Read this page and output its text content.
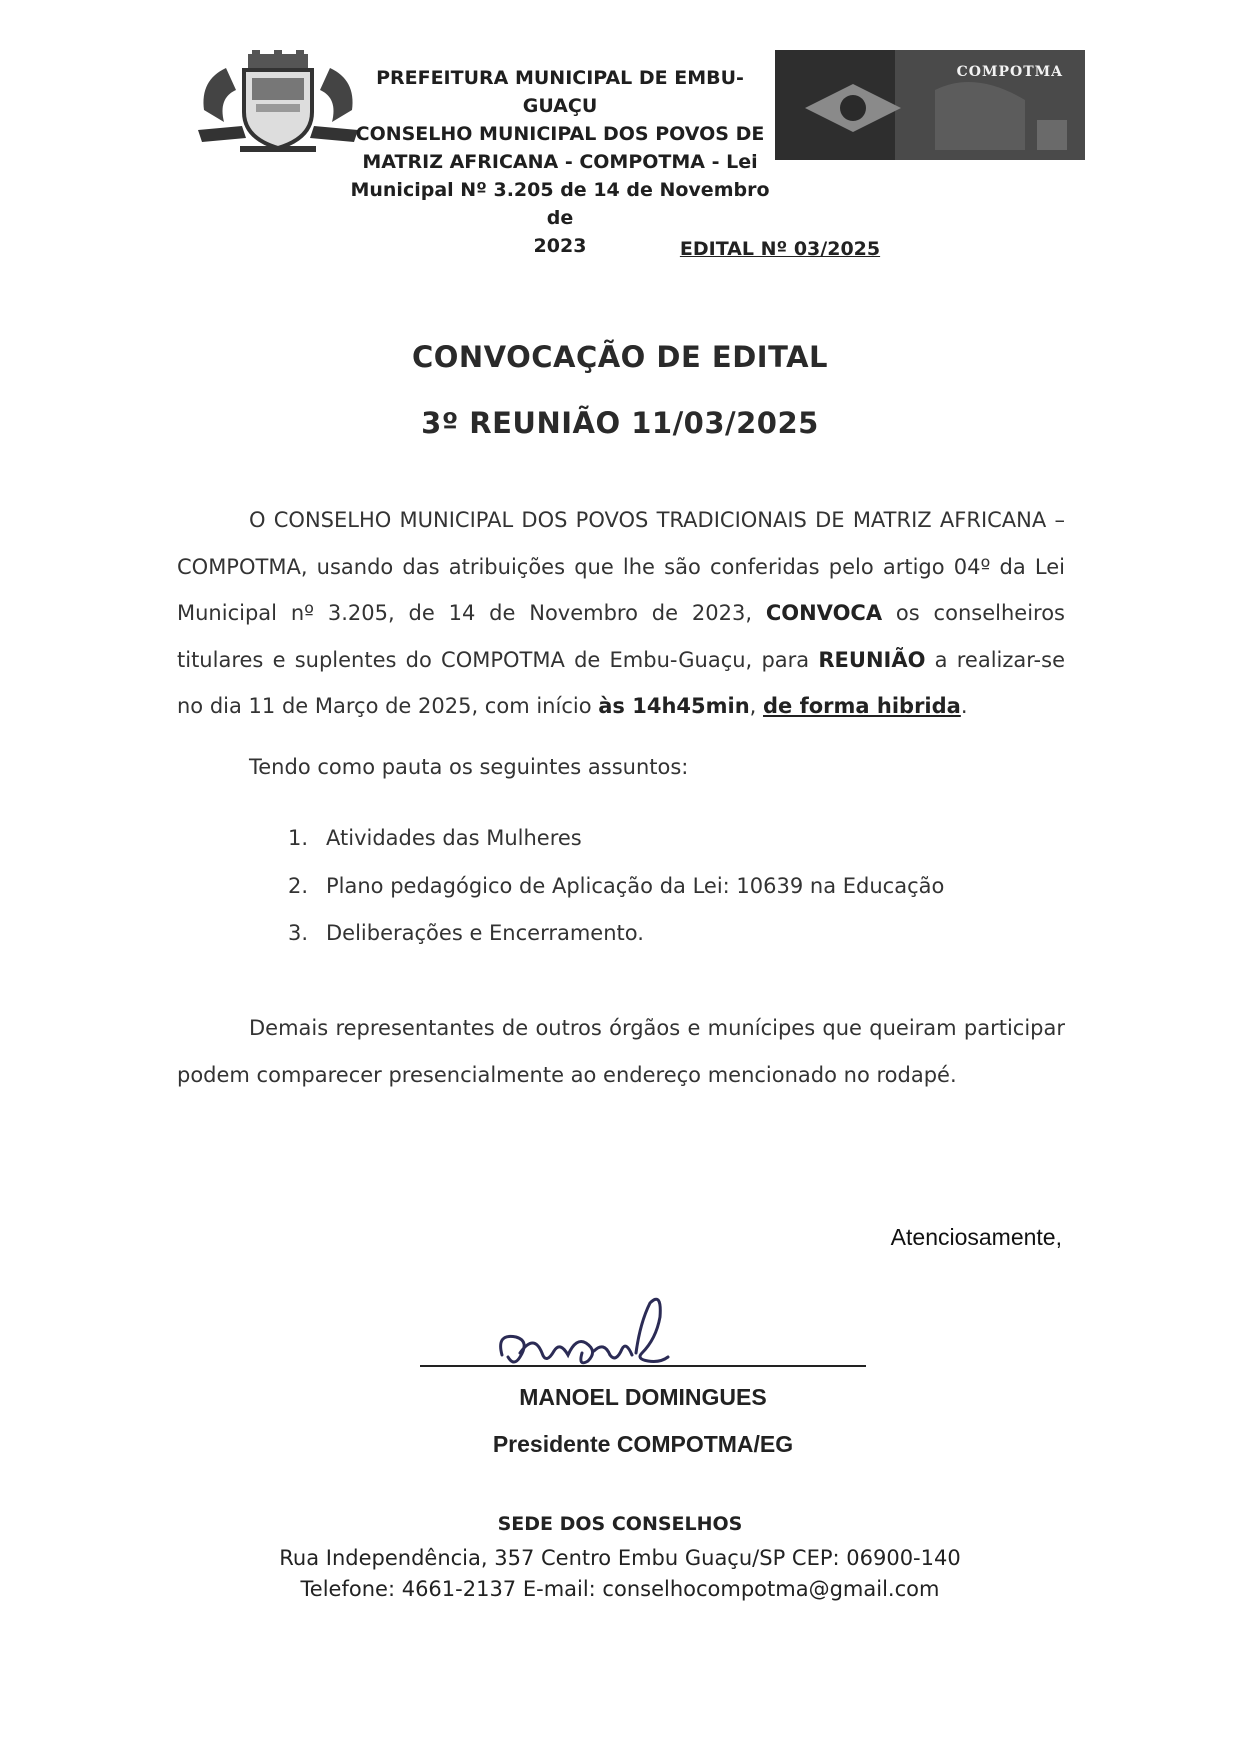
PREFEITURA MUNICIPAL DE EMBU-GUAÇU
CONSELHO MUNICIPAL DOS POVOS DE
MATRIZ AFRICANA - COMPOTMA - Lei
Municipal Nº 3.205 de 14 de Novembro de
2023
COMPOTMA
EDITAL Nº 03/2025
CONVOCAÇÃO DE EDITAL
3º REUNIÃO 11/03/2025
O CONSELHO MUNICIPAL DOS POVOS TRADICIONAIS DE MATRIZ AFRICANA – COMPOTMA, usando das atribuições que lhe são conferidas pelo artigo 04º da Lei Municipal nº 3.205, de 14 de Novembro de 2023, CONVOCA os conselheiros titulares e suplentes do COMPOTMA de Embu-Guaçu, para REUNIÃO a realizar-se no dia 11 de Março de 2025, com início às 14h45min, de forma hibrida.
Tendo como pauta os seguintes assuntos:
1. Atividades das Mulheres
2. Plano pedagógico de Aplicação da Lei: 10639 na Educação
3. Deliberações e Encerramento.
Demais representantes de outros órgãos e munícipes que queiram participar podem comparecer presencialmente ao endereço mencionado no rodapé.
Atenciosamente,
MANOEL DOMINGUES
Presidente COMPOTMA/EG
SEDE DOS CONSELHOS
Rua Independência, 357 Centro Embu Guaçu/SP CEP: 06900-140
Telefone: 4661-2137 E-mail: conselhocompotma@gmail.com
